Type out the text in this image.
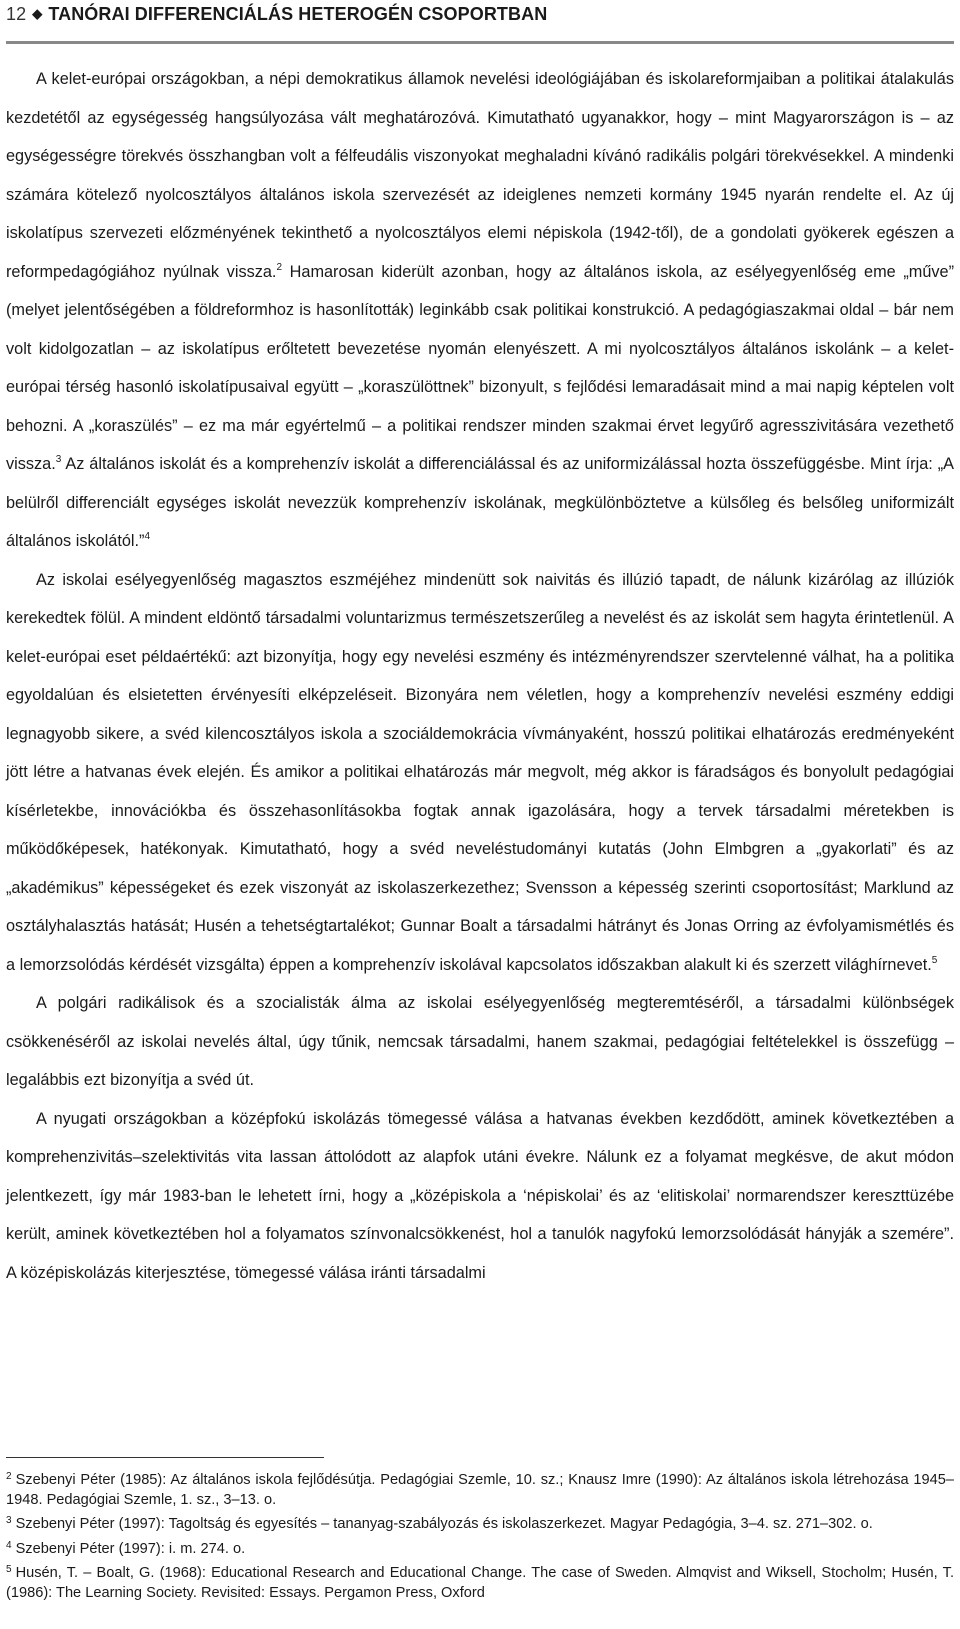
12 ◆ TANÓRAI DIFFERENCIÁLÁS HETEROGÉN CSOPORTBAN

A kelet-európai országokban, a népi demokratikus államok nevelési ideológiájában és iskolareformjaiban a politikai átalakulás kezdetétől az egységesség hangsúlyozása vált meghatározóvá. Kimutatható ugyanakkor, hogy – mint Magyarországon is – az egységességre törekvés összhangban volt a félfeudális viszonyokat meghaladni kívánó radikális polgári törekvésekkel. A mindenki számára kötelező nyolcosztályos általános iskola szervezését az ideiglenes nemzeti kormány 1945 nyarán rendelte el. Az új iskolatípus szervezeti előzményének tekinthető a nyolcosztályos elemi népiskola (1942-től), de a gondolati gyökerek egészen a reformpedagógiához nyúlnak vissza.$^2$ Hamarosan kiderült azonban, hogy az általános iskola, az esélyegyenlőség eme „műve” (melyet jelentőségében a földreformhoz is hasonlították) leginkább csak politikai konstrukció. A pedagógiaszakmai oldal – bár nem volt kidolgozatlan – az iskolatípus erőltetett bevezetése nyomán elenyészett. A mi nyolcosztályos általános iskolánk – a kelet-európai térség hasonló iskolatípusaival együtt – „koraszülöttnek” bizonyult, s fejlődési lemaradásait mind a mai napig képtelen volt behozni. A „koraszülés” – ez ma már egyértelmű – a politikai rendszer minden szakmai érvet legyűrő agresszivitására vezethető vissza.$^3$ Az általános iskolát és a komprehenzív iskolát a differenciálással és az uniformizálással hozta összefüggésbe. Mint írja: „A belülről differenciált egységes iskolát nevezzük komprehenzív iskolának, megkülönböztetve a külsőleg és belsőleg uniformizált általános iskolától.”$^4$

Az iskolai esélyegyenlőség magasztos eszméjéhez mindenütt sok naivitás és illúzió tapadt, de nálunk kizárólag az illúziók kerekedtek fölül. A mindent eldöntő társadalmi voluntarizmus természetszerűleg a nevelést és az iskolát sem hagyta érintetlenül. A kelet-európai eset példaértékű: azt bizonyítja, hogy egy nevelési eszmény és intézményrendszer szervtelenné válhat, ha a politika egyoldalúan és elsietetten érvényesíti elképzeléseit. Bizonyára nem véletlen, hogy a komprehenzív nevelési eszmény eddigi legnagyobb sikere, a svéd kilencosztályos iskola a szociáldemokrácia vívmányaként, hosszú politikai elhatározás eredményeként jött létre a hatvanas évek elején. És amikor a politikai elhatározás már megvolt, még akkor is fáradságos és bonyolult pedagógiai kísérletekbe, innovációkba és összehasonlításokba fogtak annak igazolására, hogy a tervek társadalmi méretekben is működőképesek, hatékonyak. Kimutatható, hogy a svéd neveléstudományi kutatás (John Elmbgren a „gyakorlati” és az „akadémikus” képességeket és ezek viszonyát az iskolaszerkezethez; Svensson a képesség szerinti csoportosítást; Marklund az osztályhalasztás hatását; Husén a tehetségtartalékot; Gunnar Boalt a társadalmi hátrányt és Jonas Orring az évfolyamismétlés és a lemorzsolódás kérdését vizsgálta) éppen a komprehenzív iskolával kapcsolatos időszakban alakult ki és szerzett világhírnevet.$^5$

A polgári radikálisok és a szocialisták álma az iskolai esélyegyenlőség megteremtéséről, a társadalmi különbségek csökkenéséről az iskolai nevelés által, úgy tűnik, nemcsak társadalmi, hanem szakmai, pedagógiai feltételekkel is összefügg – legalábbis ezt bizonyítja a svéd út.

A nyugati országokban a középfokú iskolázás tömegessé válása a hatvanas években kezdődött, aminek következtében a komprehenzivitás–szelektivitás vita lassan áttolódott az alapfok utáni évekre. Nálunk ez a folyamat megkésve, de akut módon jelentkezett, így már 1983-ban le lehetett írni, hogy a „középiskola a ‘népiskolai’ és az ‘elitiskolai’ normarendszer kereszttüzébe került, aminek következtében hol a folyamatos színvonalcsökkenést, hol a tanulók nagyfokú lemorzsolódását hányják a szemére”. A középiskolázás kiterjesztése, tömegessé válása iránti társadalmi

$^2$ Szebenyi Péter (1985): Az általános iskola fejlődésútja. Pedagógiai Szemle, 10. sz.; Knausz Imre (1990): Az általános iskola létrehozása 1945–1948. Pedagógiai Szemle, 1. sz., 3–13. o.
$^3$ Szebenyi Péter (1997): Tagoltság és egyesítés – tananyag-szabályozás és iskolaszerkezet. Magyar Pedagógia, 3–4. sz. 271–302. o.
$^4$ Szebenyi Péter (1997): i. m. 274. o.
$^5$ Husén, T. – Boalt, G. (1968): Educational Research and Educational Change. The case of Sweden. Almqvist and Wiksell, Stocholm; Husén, T. (1986): The Learning Society. Revisited: Essays. Pergamon Press, Oxford
